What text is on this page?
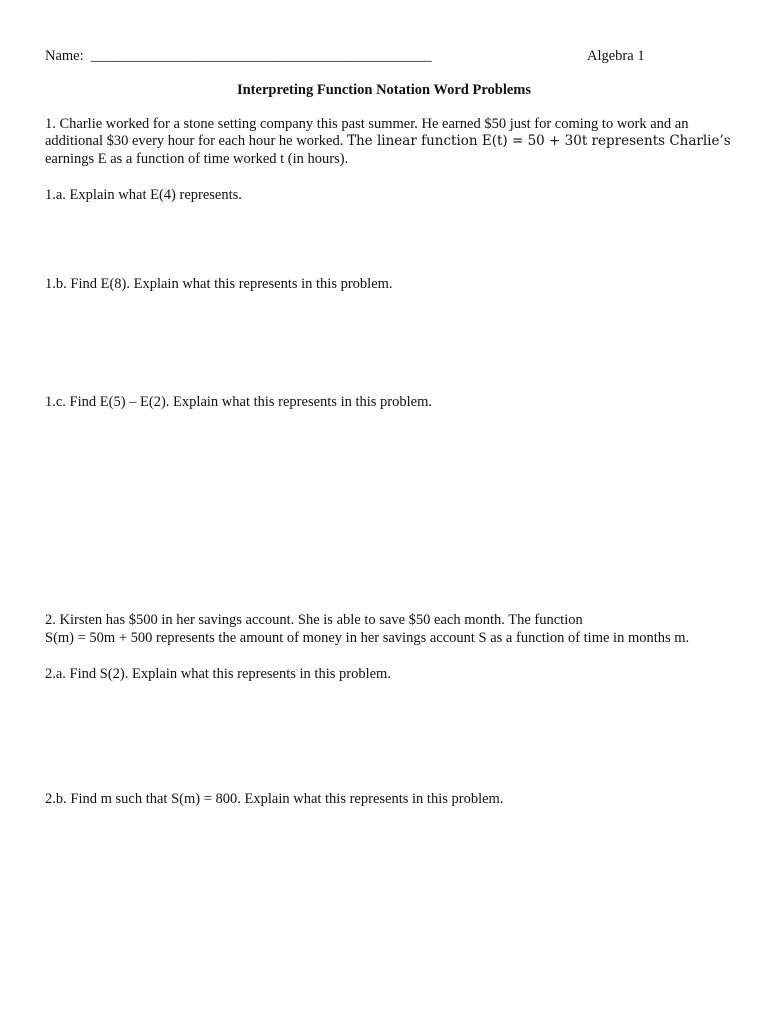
Name: _______________________________________________	Algebra 1
Interpreting Function Notation Word Problems
1. Charlie worked for a stone setting company this past summer. He earned $50 just for coming to work and an
additional $30 every hour for each hour he worked. The linear function E(t) = 50 + 30t represents Charlie’s
earnings E as a function of time worked t (in hours).
1.a. Explain what E(4) represents.
1.b. Find E(8). Explain what this represents in this problem.
1.c. Find E(5) – E(2). Explain what this represents in this problem.
2. Kirsten has $500 in her savings account. She is able to save $50 each month. The function
S(m) = 50m + 500 represents the amount of money in her savings account S as a function of time in months m.
2.a. Find S(2). Explain what this represents in this problem.
2.b. Find m such that S(m) = 800. Explain what this represents in this problem.
